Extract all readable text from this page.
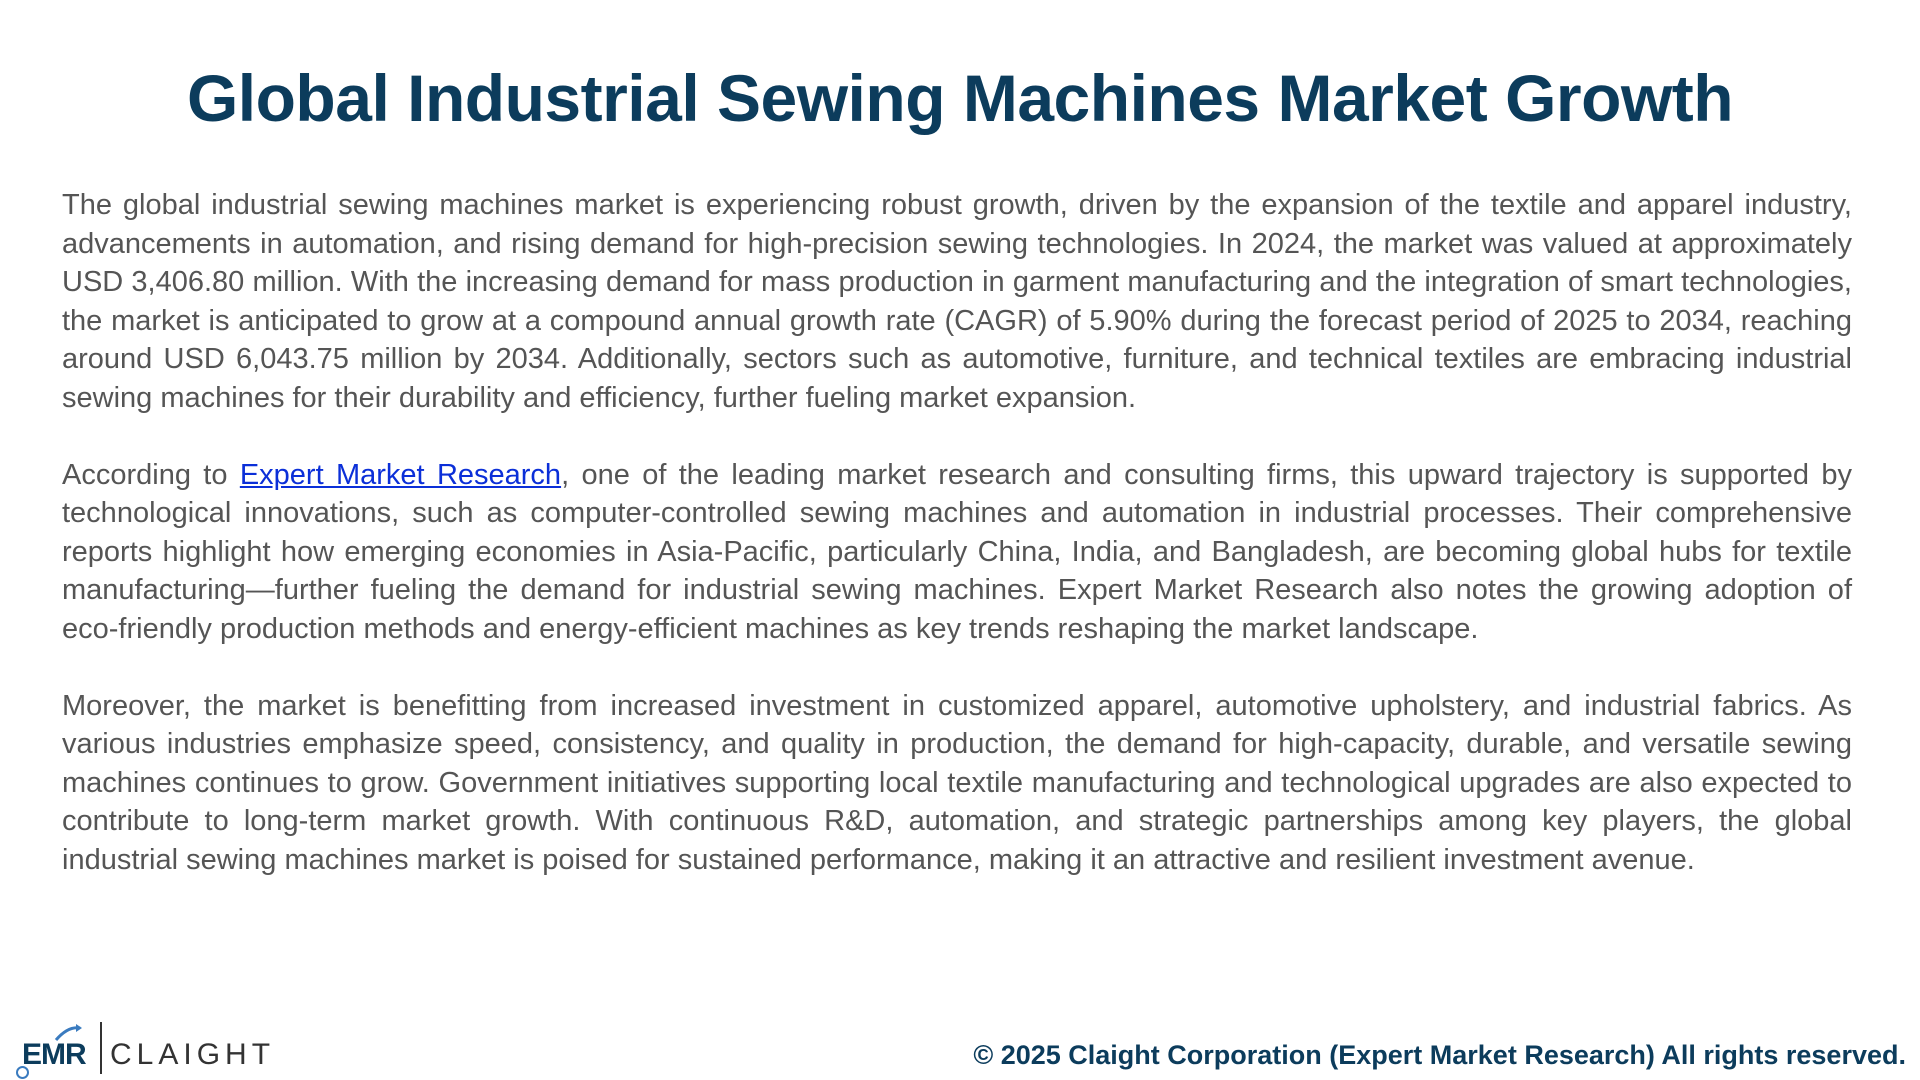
Global Industrial Sewing Machines Market Growth

The global industrial sewing machines market is experiencing robust growth, driven by the expansion of the textile and apparel industry, advancements in automation, and rising demand for high-precision sewing technologies. In 2024, the market was valued at approximately USD 3,406.80 million. With the increasing demand for mass production in garment manufacturing and the integration of smart technologies, the market is anticipated to grow at a compound annual growth rate (CAGR) of 5.90% during the forecast period of 2025 to 2034, reaching around USD 6,043.75 million by 2034. Additionally, sectors such as automotive, furniture, and technical textiles are embracing industrial sewing machines for their durability and efficiency, further fueling market expansion.

According to Expert Market Research, one of the leading market research and consulting firms, this upward trajectory is supported by technological innovations, such as computer-controlled sewing machines and automation in industrial processes. Their comprehensive reports highlight how emerging economies in Asia-Pacific, particularly China, India, and Bangladesh, are becoming global hubs for textile manufacturing—further fueling the demand for industrial sewing machines. Expert Market Research also notes the growing adoption of eco-friendly production methods and energy-efficient machines as key trends reshaping the market landscape.

Moreover, the market is benefitting from increased investment in customized apparel, automotive upholstery, and industrial fabrics. As various industries emphasize speed, consistency, and quality in production, the demand for high-capacity, durable, and versatile sewing machines continues to grow. Government initiatives supporting local textile manufacturing and technological upgrades are also expected to contribute to long-term market growth. With continuous R&D, automation, and strategic partnerships among key players, the global industrial sewing machines market is poised for sustained performance, making it an attractive and resilient investment avenue.

EMR CLAIGHT	© 2025 Claight Corporation (Expert Market Research) All rights reserved.
